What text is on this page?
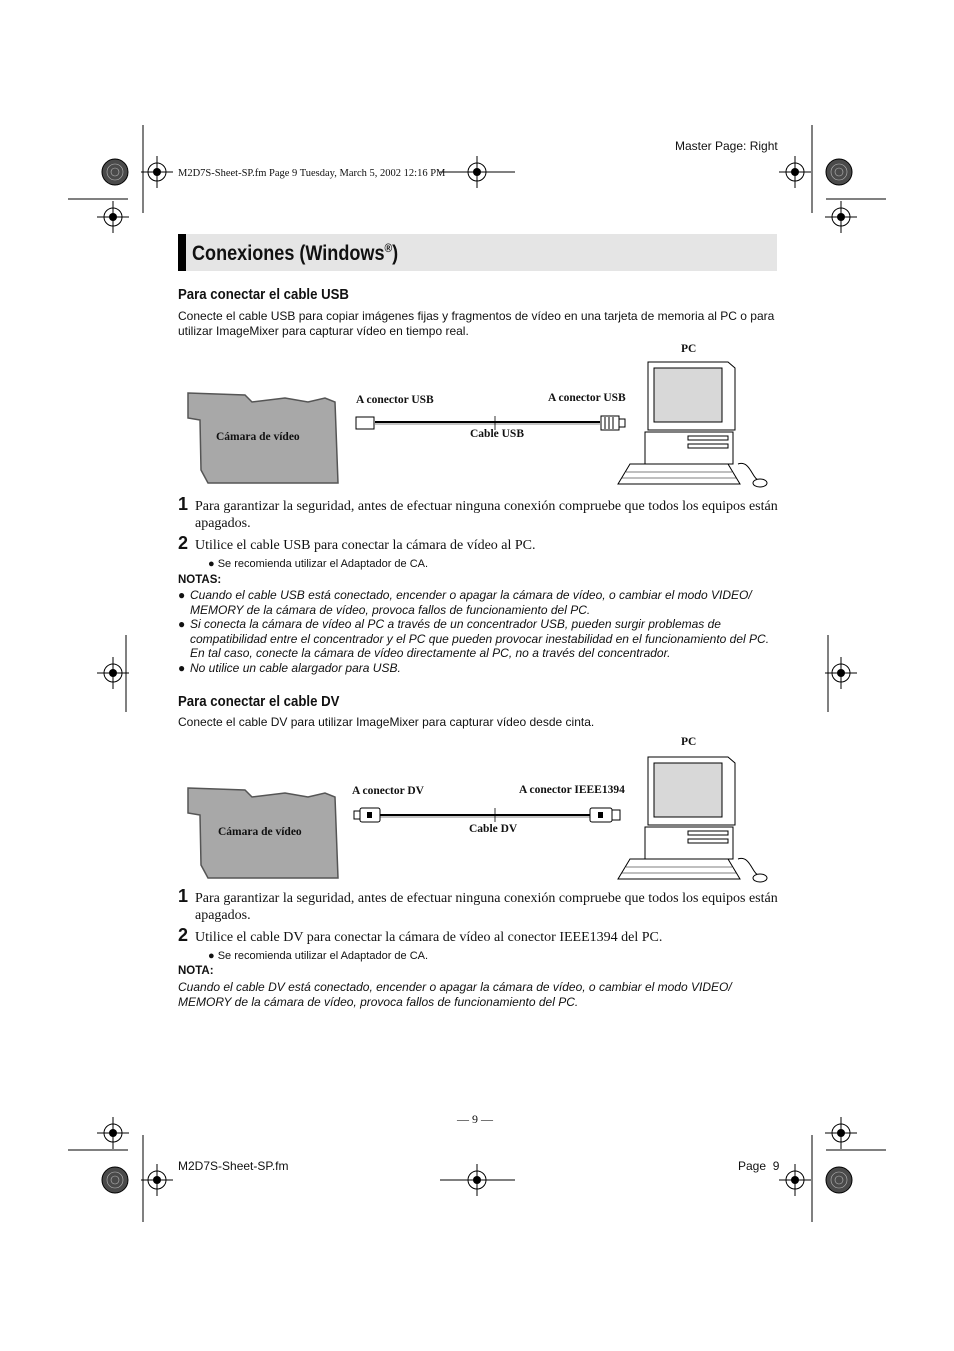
Master Page: Right
M2D7S-Sheet-SP.fm Page 9 Tuesday, March 5, 2002 12:16 PM
Conexiones (Windows®)
Para conectar el cable USB
Conecte el cable USB para copiar imágenes fijas y fragmentos de vídeo en una tarjeta de memoria al PC o para utilizar ImageMixer para capturar vídeo en tiempo real.
PC
Cámara de vídeo
A conector USB	A conector USB
Cable USB
1 Para garantizar la seguridad, antes de efectuar ninguna conexión compruebe que todos los equipos están apagados.
2 Utilice el cable USB para conectar la cámara de vídeo al PC.
● Se recomienda utilizar el Adaptador de CA.
NOTAS:
● Cuando el cable USB está conectado, encender o apagar la cámara de vídeo, o cambiar el modo VIDEO/ MEMORY de la cámara de vídeo, provoca fallos de funcionamiento del PC.
● Si conecta la cámara de vídeo al PC a través de un concentrador USB, pueden surgir problemas de compatibilidad entre el concentrador y el PC que pueden provocar inestabilidad en el funcionamiento del PC. En tal caso, conecte la cámara de vídeo directamente al PC, no a través del concentrador.
● No utilice un cable alargador para USB.
Para conectar el cable DV
Conecte el cable DV para utilizar ImageMixer para capturar vídeo desde cinta.
PC
Cámara de vídeo
A conector DV	A conector IEEE1394
Cable DV
1 Para garantizar la seguridad, antes de efectuar ninguna conexión compruebe que todos los equipos están apagados.
2 Utilice el cable DV para conectar la cámara de vídeo al conector IEEE1394 del PC.
● Se recomienda utilizar el Adaptador de CA.
NOTA:
Cuando el cable DV está conectado, encender o apagar la cámara de vídeo, o cambiar el modo VIDEO/ MEMORY de la cámara de vídeo, provoca fallos de funcionamiento del PC.
— 9 —
M2D7S-Sheet-SP.fm	Page  9
